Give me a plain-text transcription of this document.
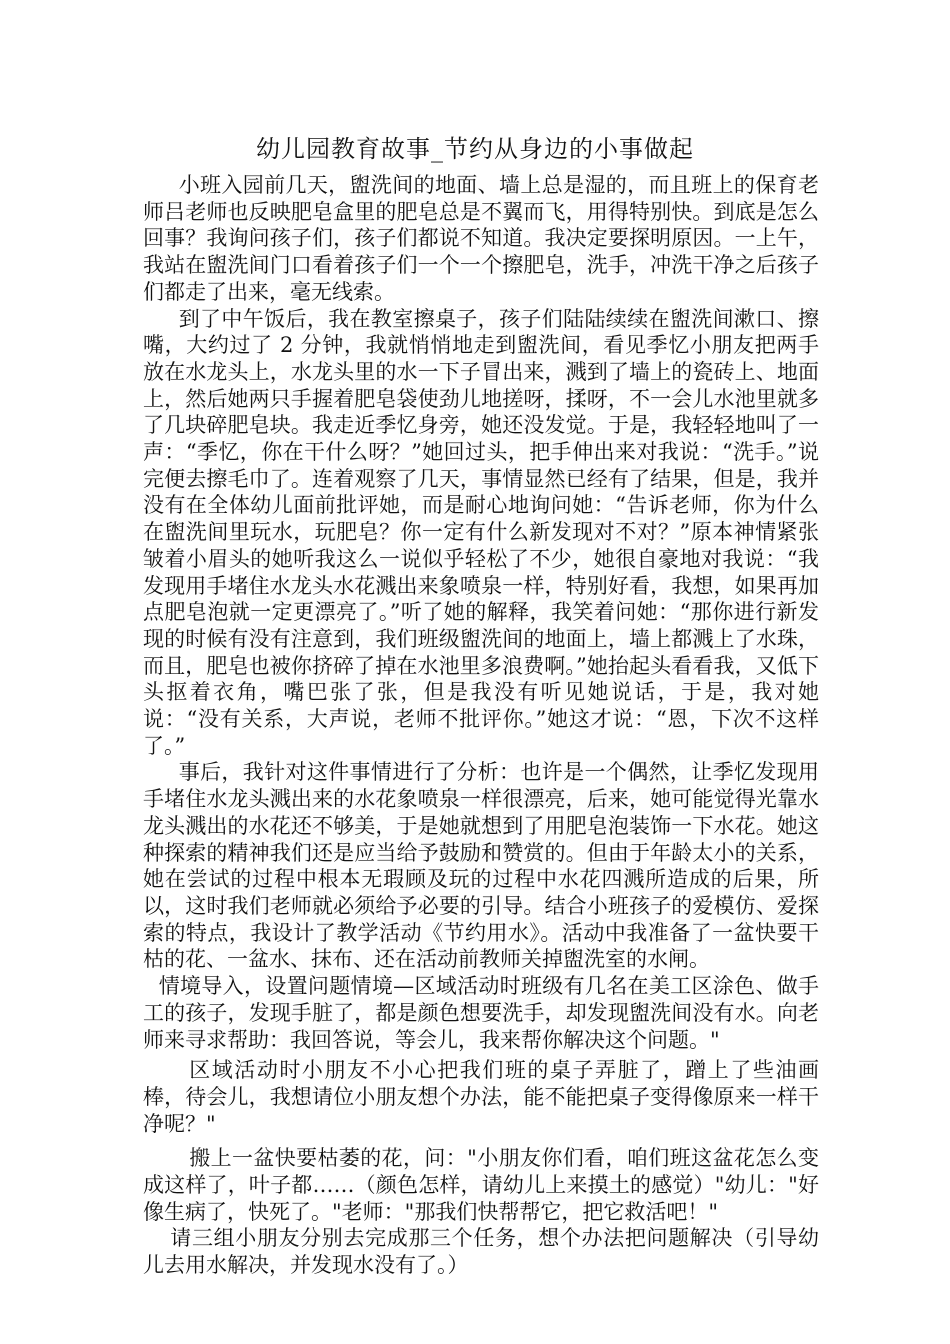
幼儿园教育故事_节约从身边的小事做起

小班入园前几天，盥洗间的地面、墙上总是湿的，而且班上的保育老师吕老师也反映肥皂盒里的肥皂总是不翼而飞，用得特别快。到底是怎么回事？我询问孩子们，孩子们都说不知道。我决定要探明原因。一上午，我站在盥洗间门口看着孩子们一个一个擦肥皂，洗手，冲洗干净之后孩子们都走了出来，毫无线索。

到了中午饭后，我在教室擦桌子，孩子们陆陆续续在盥洗间漱口、擦嘴，大约过了 2 分钟，我就悄悄地走到盥洗间，看见季忆小朋友把两手放在水龙头上，水龙头里的水一下子冒出来，溅到了墙上的瓷砖上、地面上，然后她两只手握着肥皂袋使劲儿地搓呀，揉呀，不一会儿水池里就多了几块碎肥皂块。我走近季忆身旁，她还没发觉。于是，我轻轻地叫了一声：“季忆，你在干什么呀？”她回过头，把手伸出来对我说：“洗手。”说完便去擦毛巾了。连着观察了几天，事情显然已经有了结果，但是，我并没有在全体幼儿面前批评她，而是耐心地询问她：“告诉老师，你为什么在盥洗间里玩水，玩肥皂？你一定有什么新发现对不对？”原本神情紧张皱着小眉头的她听我这么一说似乎轻松了不少，她很自豪地对我说：“我发现用手堵住水龙头水花溅出来象喷泉一样，特别好看，我想，如果再加点肥皂泡就一定更漂亮了。”听了她的解释，我笑着问她：“那你进行新发现的时候有没有注意到，我们班级盥洗间的地面上，墙上都溅上了水珠，而且，肥皂也被你挤碎了掉在水池里多浪费啊。”她抬起头看看我，又低下头抠着衣角，嘴巴张了张，但是我没有听见她说话，于是，我对她说：“没有关系，大声说，老师不批评你。”她这才说：“恩，下次不这样了。”

事后，我针对这件事情进行了分析：也许是一个偶然，让季忆发现用手堵住水龙头溅出来的水花象喷泉一样很漂亮，后来，她可能觉得光靠水龙头溅出的水花还不够美，于是她就想到了用肥皂泡装饰一下水花。她这种探索的精神我们还是应当给予鼓励和赞赏的。但由于年龄太小的关系，她在尝试的过程中根本无瑕顾及玩的过程中水花四溅所造成的后果，所以，这时我们老师就必须给予必要的引导。结合小班孩子的爱模仿、爱探索的特点，我设计了教学活动《节约用水》。活动中我准备了一盆快要干枯的花、一盆水、抹布、还在活动前教师关掉盥洗室的水闸。

情境导入，设置问题情境—区域活动时班级有几名在美工区涂色、做手工的孩子，发现手脏了，都是颜色想要洗手，却发现盥洗间没有水。向老师来寻求帮助：我回答说，等会儿，我来帮你解决这个问题。"

区域活动时小朋友不小心把我们班的桌子弄脏了，蹭上了些油画棒，待会儿，我想请位小朋友想个办法，能不能把桌子变得像原来一样干净呢？"

搬上一盆快要枯萎的花，问："小朋友你们看，咱们班这盆花怎么变成这样了，叶子都……（颜色怎样，请幼儿上来摸土的感觉）"幼儿："好像生病了，快死了。"老师："那我们快帮帮它，把它救活吧！"

请三组小朋友分别去完成那三个任务，想个办法把问题解决（引导幼儿去用水解决，并发现水没有了。）
